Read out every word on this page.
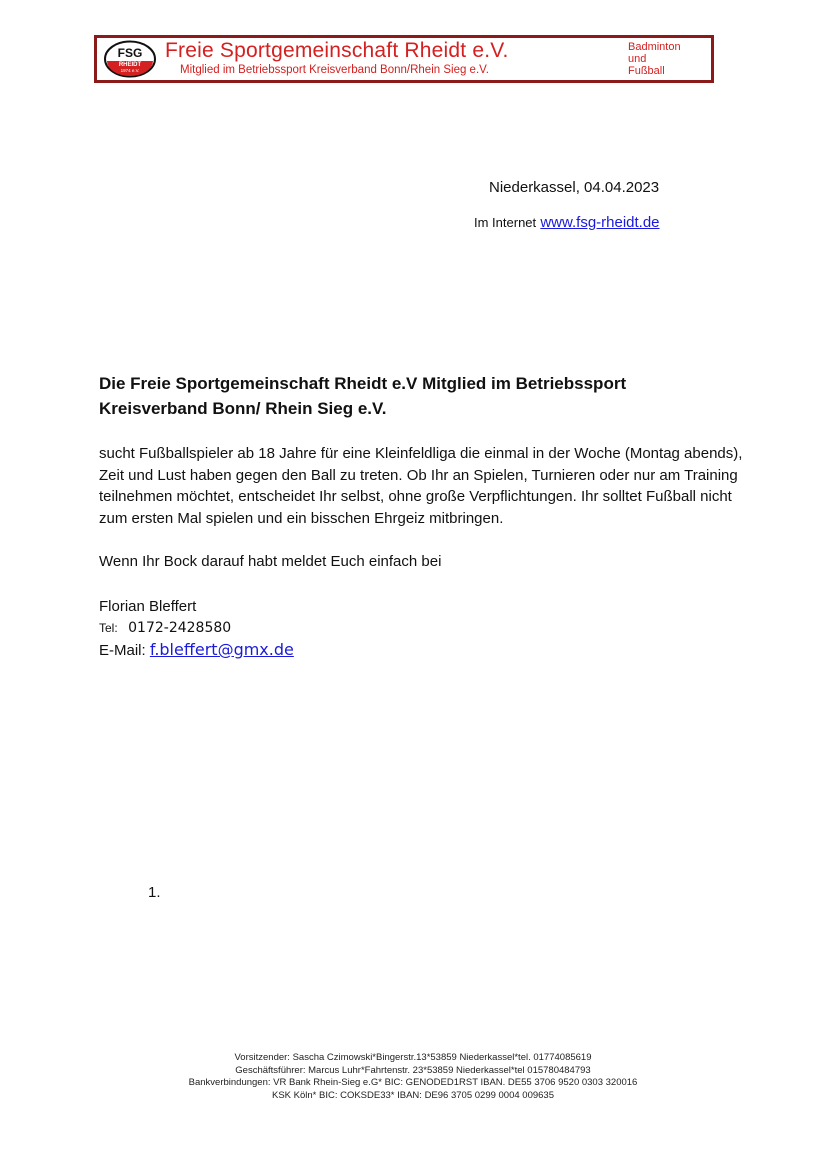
FSG
RHEIDT
1974 e.V.
Freie Sportgemeinschaft Rheidt e.V.
Mitglied im Betriebssport Kreisverband Bonn/Rhein Sieg e.V.
Badminton
und
Fußball
Niederkassel, 04.04.2023
Im Internet www.fsg-rheidt.de
Die Freie Sportgemeinschaft Rheidt e.V Mitglied im Betriebssport Kreisverband Bonn/ Rhein Sieg e.V.

sucht Fußballspieler ab 18 Jahre für eine Kleinfeldliga die einmal in der Woche (Montag abends), Zeit und Lust haben gegen den Ball zu treten. Ob Ihr an Spielen, Turnieren oder nur am Training teilnehmen möchtet, entscheidet Ihr selbst, ohne große Verpflichtungen. Ihr solltet Fußball nicht zum ersten Mal spielen und ein bisschen Ehrgeiz mitbringen.

Wenn Ihr Bock darauf habt meldet Euch einfach bei
Florian Bleffert
Tel: 0172-2428580
E-Mail: f.bleffert@gmx.de
1.
Vorsitzender: Sascha Czimowski*Bingerstr.13*53859 Niederkassel*tel. 01774085619
Geschäftsführer: Marcus Luhr*Fahrtenstr. 23*53859 Niederkassel*tel 015780484793
Bankverbindungen: VR Bank Rhein-Sieg e.G* BIC: GENODED1RST IBAN. DE55 3706 9520 0303 320016
KSK Köln* BIC: COKSDE33* IBAN: DE96 3705 0299 0004 009635
